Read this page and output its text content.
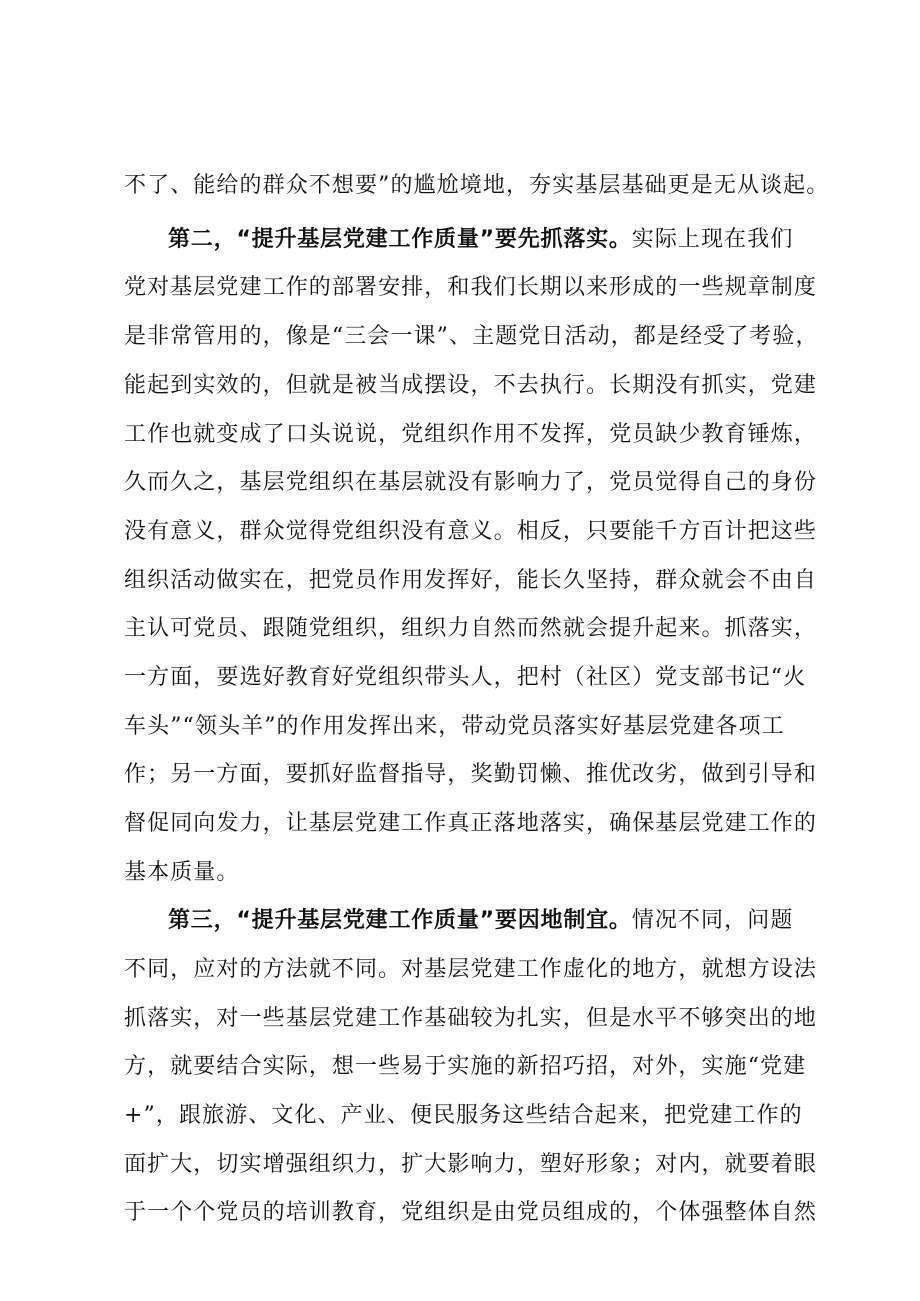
不了、能给的群众不想要”的尴尬境地，夯实基层基础更是无从谈起。
第二，“提升基层党建工作质量”要先抓落实。实际上现在我们
党对基层党建工作的部署安排，和我们长期以来形成的一些规章制度
是非常管用的，像是“三会一课”、主题党日活动，都是经受了考验，
能起到实效的，但就是被当成摆设，不去执行。长期没有抓实，党建
工作也就变成了口头说说，党组织作用不发挥，党员缺少教育锤炼，
久而久之，基层党组织在基层就没有影响力了，党员觉得自己的身份
没有意义，群众觉得党组织没有意义。相反，只要能千方百计把这些
组织活动做实在，把党员作用发挥好，能长久坚持，群众就会不由自
主认可党员、跟随党组织，组织力自然而然就会提升起来。抓落实，
一方面，要选好教育好党组织带头人，把村（社区）党支部书记“火
车头”“领头羊”的作用发挥出来，带动党员落实好基层党建各项工
作；另一方面，要抓好监督指导，奖勤罚懒、推优改劣，做到引导和
督促同向发力，让基层党建工作真正落地落实，确保基层党建工作的
基本质量。
第三，“提升基层党建工作质量”要因地制宜。情况不同，问题
不同，应对的方法就不同。对基层党建工作虚化的地方，就想方设法
抓落实，对一些基层党建工作基础较为扎实，但是水平不够突出的地
方，就要结合实际，想一些易于实施的新招巧招，对外，实施“党建
+”，跟旅游、文化、产业、便民服务这些结合起来，把党建工作的
面扩大，切实增强组织力，扩大影响力，塑好形象；对内，就要着眼
于一个个党员的培训教育，党组织是由党员组成的，个体强整体自然
